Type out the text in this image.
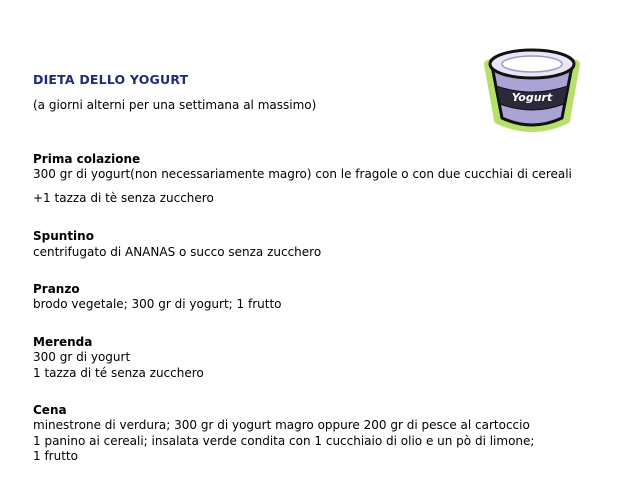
DIETA DELLO YOGURT
(a giorni alterni per una settimana al massimo)
Yogurt
Prima colazione
300 gr di yogurt(non necessariamente magro) con le fragole o con due cucchiai di cereali
+1 tazza di tè senza zucchero
Spuntino
centrifugato di ANANAS o succo senza zucchero
Pranzo
brodo vegetale; 300 gr di yogurt; 1 frutto
Merenda
300 gr di yogurt
1 tazza di té senza zucchero
Cena
minestrone di verdura; 300 gr di yogurt magro oppure 200 gr di pesce al cartoccio
1 panino ai cereali; insalata verde condita con 1 cucchiaio di olio e un pò di limone;
1 frutto
